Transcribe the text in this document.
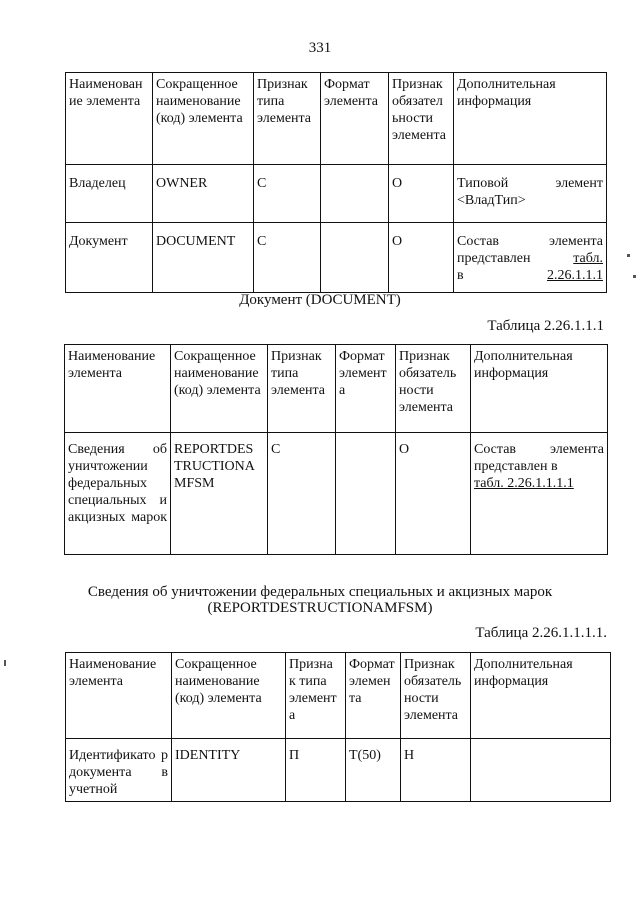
331
Наименован ие элемента	Сокращенное наименование (код) элемента	Признак типа элемента	Формат элемента	Признак обязател ьности элемента	Дополнительная информация
Владелец	OWNER	С		О	Типовой элемент
<ВладТип>

Документ	DOCUMENT	С		О	Состав элемента
представлен в
табл. 2.26.1.1.1
Документ (DOCUMENT)
Таблица 2.26.1.1.1
Наименование элемента	Сокращенное наименование (код) элемента	Признак типа элемента	Формат элемент а	Признак обязатель ности элемента	Дополнительная информация
Сведения об уничтожении федеральных специальных и акцизных марок	REPORTDES TRUCTIONA MFSM	С		О	Состав элемента
представлен в
табл. 2.26.1.1.1.1
Сведения об уничтожении федеральных специальных и акцизных марок
(REPORTDESTRUCTIONAMFSM)
Таблица 2.26.1.1.1.1.
Наименование элемента	Сокращенное наименование (код) элемента	Призна к типа элемент а	Формат элемен та	Признак обязатель ности элемента	Дополнительная информация
Идентификато р документа в учетной	IDENTITY	П	Т(50)	Н	
